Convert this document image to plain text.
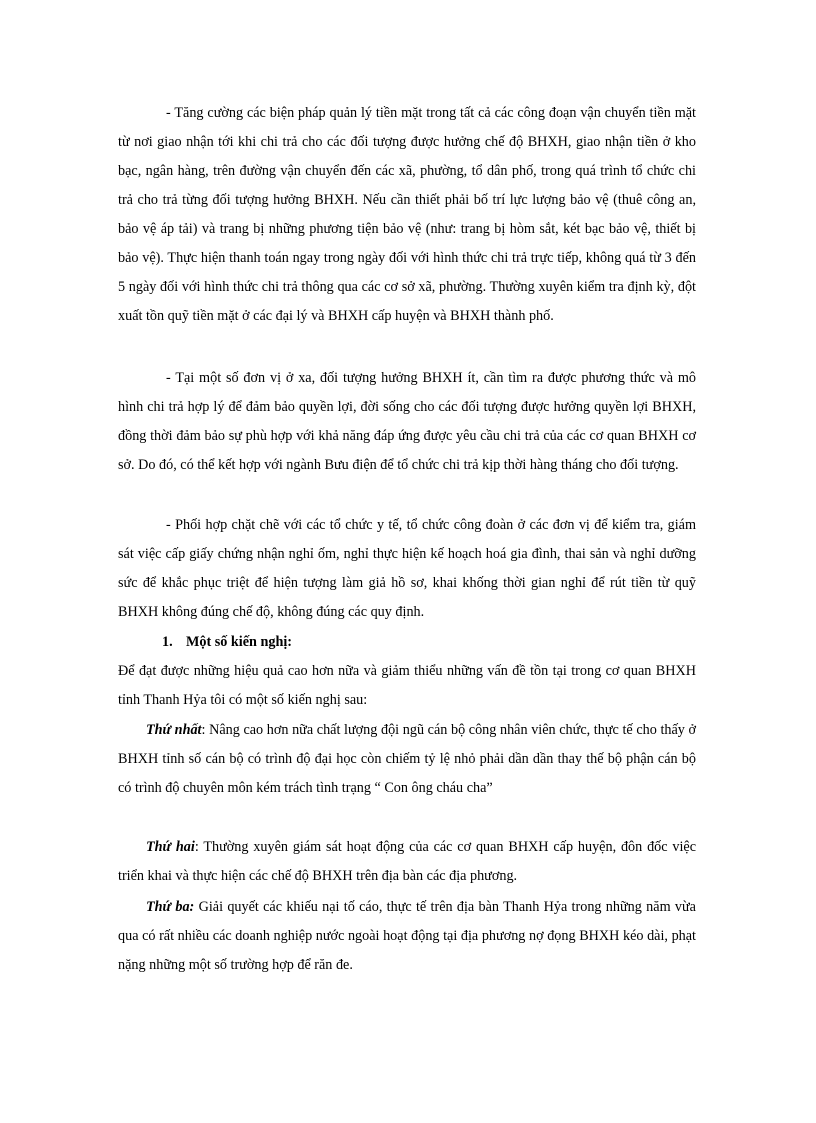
- Tăng cường các biện pháp quản lý tiền mặt trong tất cả các công đoạn vận chuyển tiền mặt từ nơi giao nhận tới khi chi trả cho các đối tượng được hưởng chế độ BHXH, giao nhận tiền ở kho bạc, ngân hàng, trên đường vận chuyển đến các xã, phường, tổ dân phố, trong quá trình tổ chức chi trả cho trả từng đối tượng hưởng BHXH. Nếu cần thiết phải bố trí lực lượng bảo vệ (thuê công an, bảo vệ áp tải) và trang bị những phương tiện bảo vệ (như: trang bị hòm sắt, két bạc bảo vệ, thiết bị bảo vệ). Thực hiện thanh toán ngay trong ngày đối với hình thức chi trả trực tiếp, không quá từ 3 đến 5 ngày đối với hình thức chi trả thông qua các cơ sở xã, phường. Thường xuyên kiểm tra định kỳ, đột xuất tồn quỹ tiền mặt ở các đại lý và BHXH cấp huyện và BHXH thành phố.

- Tại một số đơn vị ở xa, đối tượng hưởng BHXH ít, cần tìm ra được phương thức và mô hình chi trả hợp lý để đảm bảo quyền lợi, đời sống cho các đối tượng được hưởng quyền lợi BHXH, đồng thời đảm bảo sự phù hợp với khả năng đáp ứng được yêu cầu chi trả của các cơ quan BHXH cơ sở. Do đó, có thể kết hợp với ngành Bưu điện để tổ chức chi trả kịp thời hàng tháng cho đối tượng.

- Phối hợp chặt chẽ với các tổ chức y tế, tổ chức công đoàn ở các đơn vị để kiểm tra, giám sát việc cấp giấy chứng nhận nghỉ ốm, nghỉ thực hiện kế hoạch hoá gia đình, thai sản và nghỉ dưỡng sức để khắc phục triệt để hiện tượng làm giả hồ sơ, khai khống thời gian nghỉ để rút tiền từ quỹ BHXH không đúng chế độ, không đúng các quy định.

1. Một số kiến nghị:

Để đạt được những hiệu quả cao hơn nữa và giảm thiểu những vấn đề tồn tại trong cơ quan BHXH tỉnh Thanh Hỷa tôi có một số kiến nghị sau:

Thứ nhất: Nâng cao hơn nữa chất lượng đội ngũ cán bộ công nhân viên chức, thực tế cho thấy ở BHXH tỉnh số cán bộ có trình độ đại học còn chiếm tỷ lệ nhỏ phải dần dần thay thế bộ phận cán bộ có trình độ chuyên môn kém trách tình trạng “ Con ông cháu cha”

Thứ hai: Thường xuyên giám sát hoạt động của các cơ quan BHXH cấp huyện, đôn đốc việc triển khai và thực hiện các chế độ BHXH trên địa bàn các địa phương.

Thứ ba: Giải quyết các khiếu nại tố cáo, thực tế trên địa bàn Thanh Hỷa trong những năm vừa qua có rất nhiều các doanh nghiệp nước ngoài hoạt động tại địa phương nợ đọng BHXH kéo dài, phạt nặng những một số trường hợp để răn đe.
